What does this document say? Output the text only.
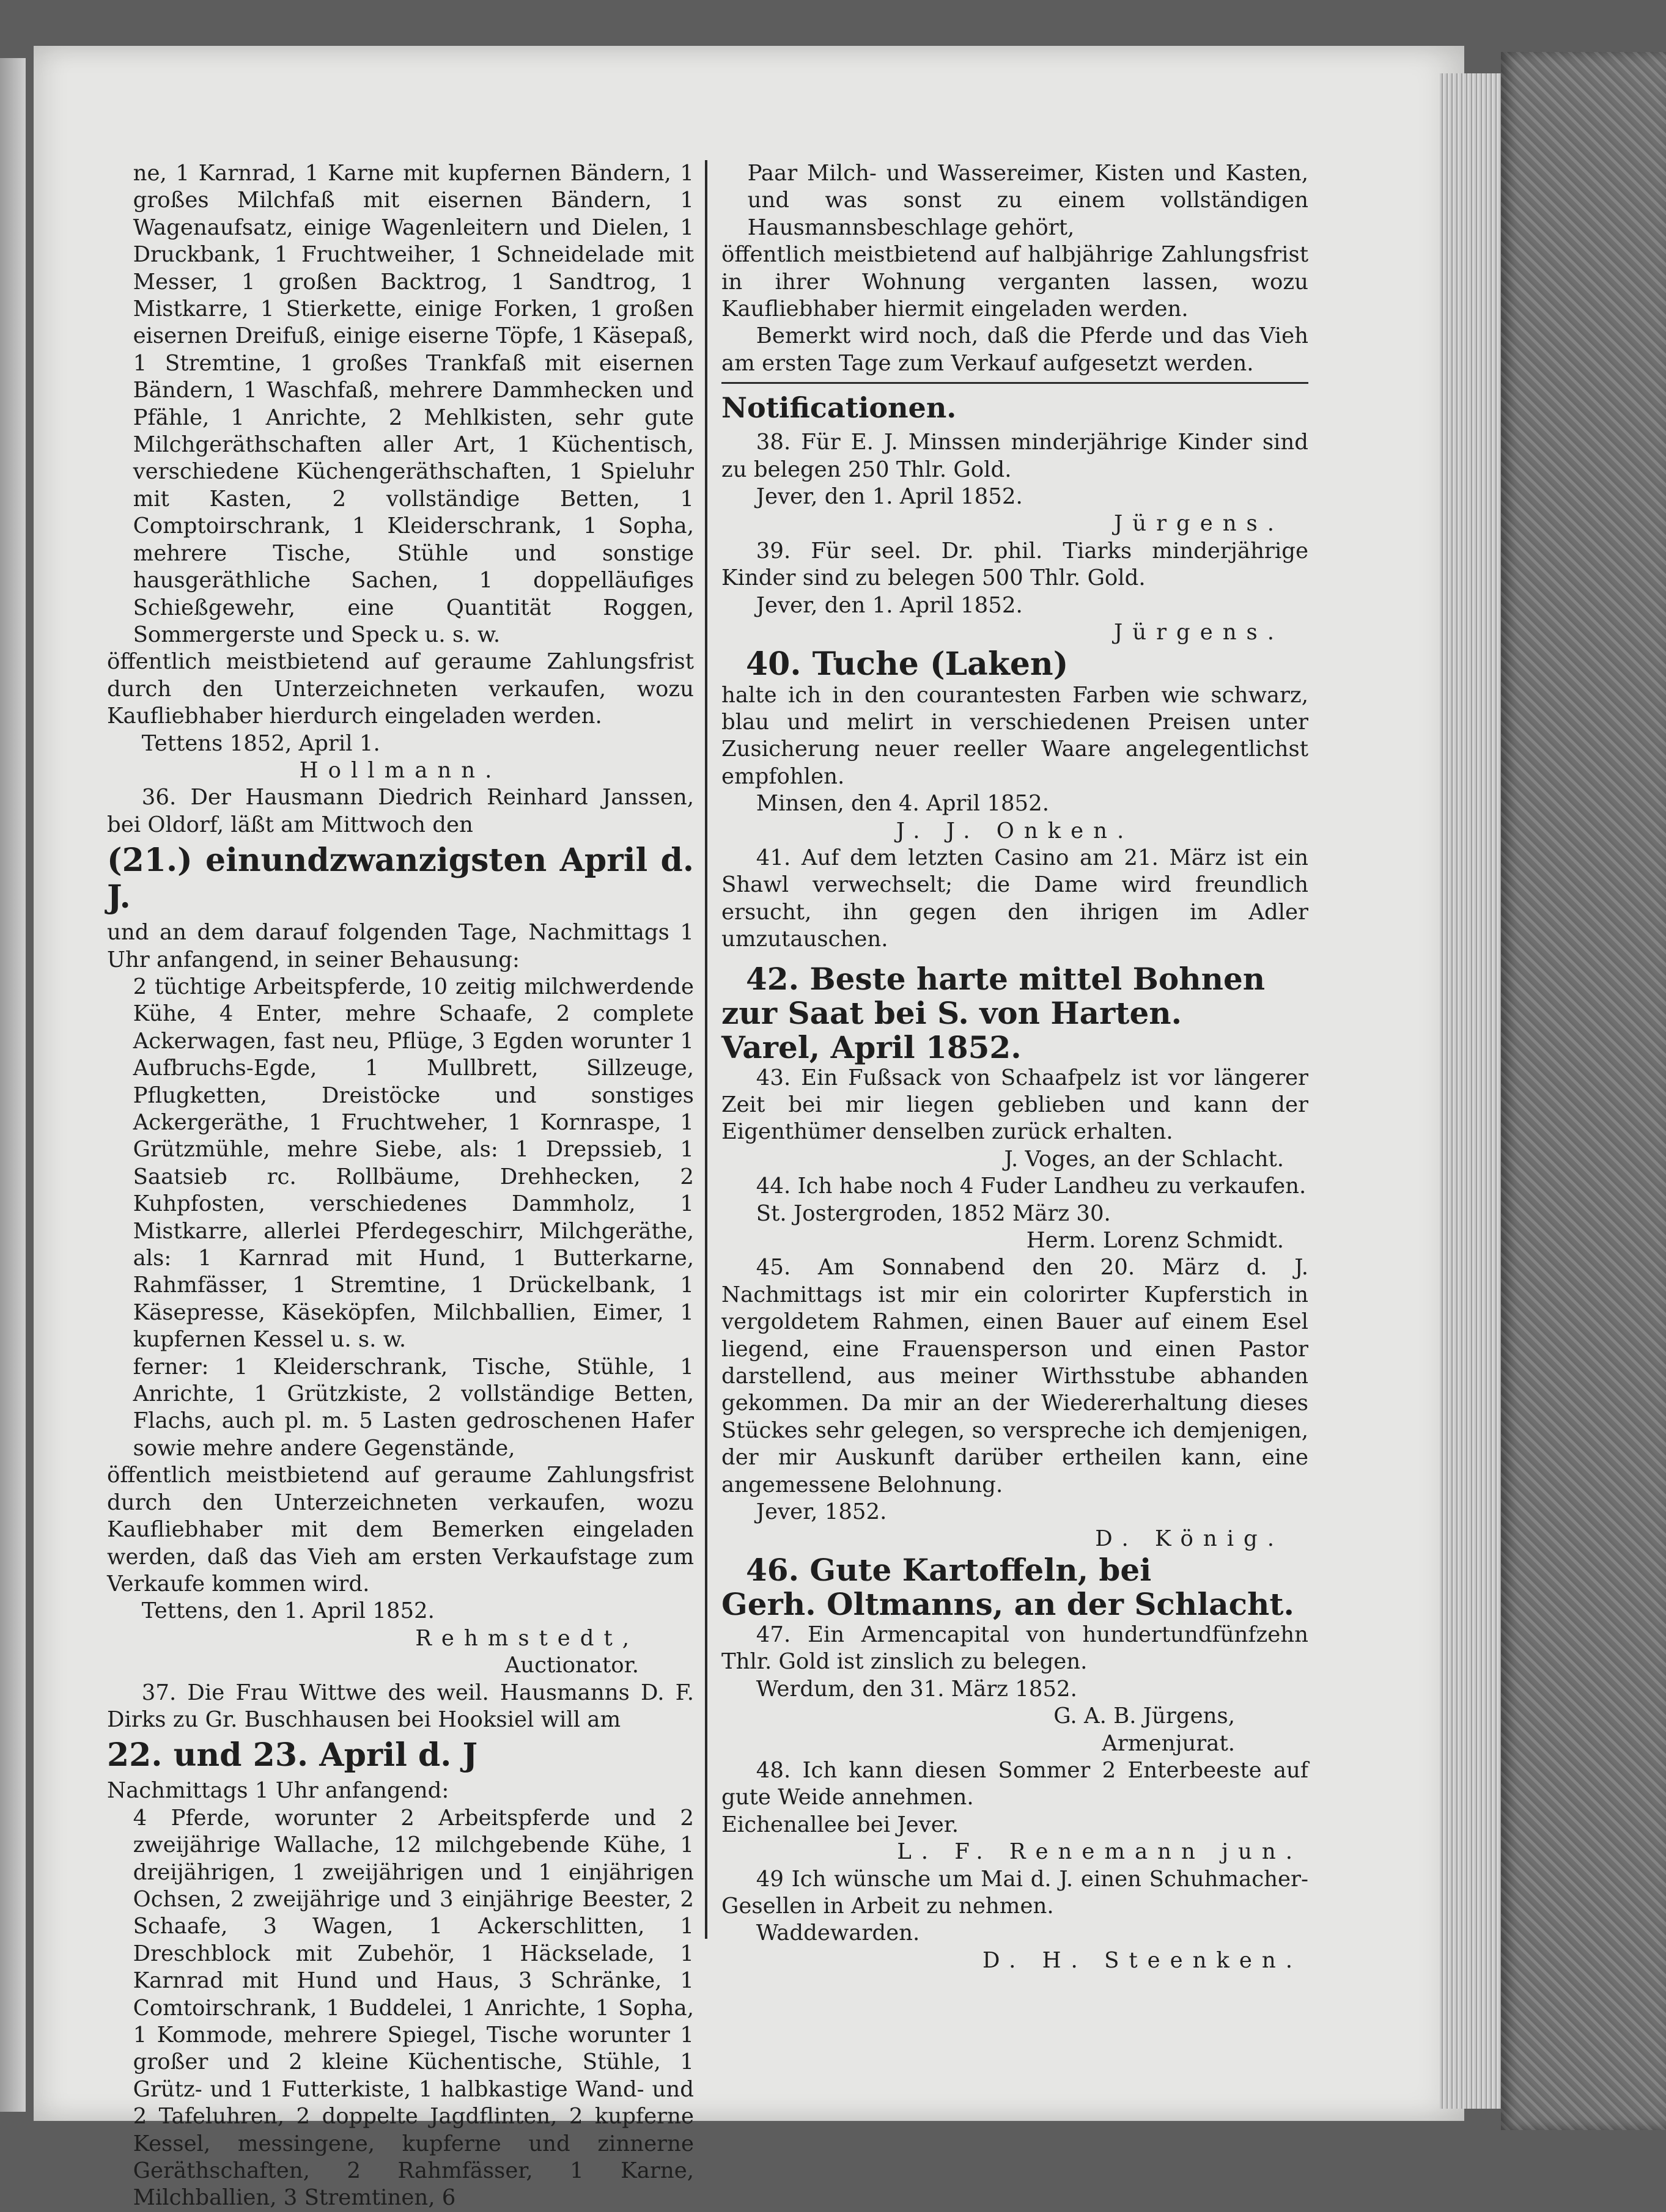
ne, 1 Karnrad, 1 Karne mit kupfernen Bändern, 1 großes Milchfaß mit eisernen Bändern, 1 Wagenaufsatz, einige Wagenleitern und Dielen, 1 Druckbank, 1 Fruchtweiher, 1 Schneidelade mit Messer, 1 großen Backtrog, 1 Sandtrog, 1 Mistkarre, 1 Stierkette, einige Forken, 1 großen eisernen Dreifuß, einige eiserne Töpfe, 1 Käsepaß, 1 Stremtine, 1 großes Trankfaß mit eisernen Bändern, 1 Waschfaß, mehrere Dammhecken und Pfähle, 1 Anrichte, 2 Mehlkisten, sehr gute Milchgeräthschaften aller Art, 1 Küchentisch, verschiedene Küchengeräthschaften, 1 Spieluhr mit Kasten, 2 vollständige Betten, 1 Comptoirschrank, 1 Kleiderschrank, 1 Sopha, mehrere Tische, Stühle und sonstige hausgeräthliche Sachen, 1 doppelläufiges Schießgewehr, eine Quantität Roggen, Sommergerste und Speck u. s. w.

öffentlich meistbietend auf geraume Zahlungsfrist durch den Unterzeichneten verkaufen, wozu Kaufliebhaber hierdurch eingeladen werden.

Tettens 1852, April 1.

Hollmann.

36. Der Hausmann Diedrich Reinhard Janssen, bei Oldorf, läßt am Mittwoch den

(21.) einundzwanzigsten April d. J.

und an dem darauf folgenden Tage, Nachmittags 1 Uhr anfangend, in seiner Behausung:

2 tüchtige Arbeitspferde, 10 zeitig milchwerdende Kühe, 4 Enter, mehre Schaafe, 2 complete Ackerwagen, fast neu, Pflüge, 3 Egden worunter 1 Aufbruchs-Egde, 1 Mullbrett, Sillzeuge, Pflugketten, Dreistöcke und sonstiges Ackergeräthe, 1 Fruchtweher, 1 Kornraspe, 1 Grützmühle, mehre Siebe, als: 1 Drepssieb, 1 Saatsieb rc. Rollbäume, Drehhecken, 2 Kuhpfosten, verschiedenes Dammholz, 1 Mistkarre, allerlei Pferdegeschirr, Milchgeräthe, als: 1 Karnrad mit Hund, 1 Butterkarne, Rahmfässer, 1 Stremtine, 1 Drückelbank, 1 Käsepresse, Käseköpfen, Milchballien, Eimer, 1 kupfernen Kessel u. s. w.

ferner: 1 Kleiderschrank, Tische, Stühle, 1 Anrichte, 1 Grützkiste, 2 vollständige Betten, Flachs, auch pl. m. 5 Lasten gedroschenen Hafer sowie mehre andere Gegenstände,

öffentlich meistbietend auf geraume Zahlungsfrist durch den Unterzeichneten verkaufen, wozu Kaufliebhaber mit dem Bemerken eingeladen werden, daß das Vieh am ersten Verkaufstage zum Verkaufe kommen wird.

Tettens, den 1. April 1852.

Rehmstedt,

Auctionator.

37. Die Frau Wittwe des weil. Hausmanns D. F. Dirks zu Gr. Buschhausen bei Hooksiel will am

22. und 23. April d. J

Nachmittags 1 Uhr anfangend:

4 Pferde, worunter 2 Arbeitspferde und 2 zweijährige Wallache, 12 milchgebende Kühe, 1 dreijährigen, 1 zweijährigen und 1 einjährigen Ochsen, 2 zweijährige und 3 einjährige Beester, 2 Schaafe, 3 Wagen, 1 Ackerschlitten, 1 Dreschblock mit Zubehör, 1 Häckselade, 1 Karnrad mit Hund und Haus, 3 Schränke, 1 Comtoirschrank, 1 Buddelei, 1 Anrichte, 1 Sopha, 1 Kommode, mehrere Spiegel, Tische worunter 1 großer und 2 kleine Küchentische, Stühle, 1 Grütz- und 1 Futterkiste, 1 halbkastige Wand- und 2 Tafeluhren, 2 doppelte Jagdflinten, 2 kupferne Kessel, messingene, kupferne und zinnerne Geräthschaften, 2 Rahmfässer, 1 Karne, Milchballien, 3 Stremtinen, 6

Paar Milch- und Wassereimer, Kisten und Kasten, und was sonst zu einem vollständigen Hausmannsbeschlage gehört,

öffentlich meistbietend auf halbjährige Zahlungsfrist in ihrer Wohnung verganten lassen, wozu Kaufliebhaber hiermit eingeladen werden.

Bemerkt wird noch, daß die Pferde und das Vieh am ersten Tage zum Verkauf aufgesetzt werden.

Notificationen.

38. Für E. J. Minssen minderjährige Kinder sind zu belegen 250 Thlr. Gold.

Jever, den 1. April 1852.

Jürgens.

39. Für seel. Dr. phil. Tiarks minderjährige Kinder sind zu belegen 500 Thlr. Gold.

Jever, den 1. April 1852.

Jürgens.

40. Tuche (Laken)

halte ich in den courantesten Farben wie schwarz, blau und melirt in verschiedenen Preisen unter Zusicherung neuer reeller Waare angelegentlichst empfohlen.

Minsen, den 4. April 1852.

J. J. Onken.

41. Auf dem letzten Casino am 21. März ist ein Shawl verwechselt; die Dame wird freundlich ersucht, ihn gegen den ihrigen im Adler umzutauschen.

42. Beste harte mittel Bohnen

zur Saat bei S. von Harten.

Varel, April 1852.

43. Ein Fußsack von Schaafpelz ist vor längerer Zeit bei mir liegen geblieben und kann der Eigenthümer denselben zurück erhalten.

J. Voges, an der Schlacht.

44. Ich habe noch 4 Fuder Landheu zu verkaufen.

St. Jostergroden, 1852 März 30.

Herm. Lorenz Schmidt.

45. Am Sonnabend den 20. März d. J. Nachmittags ist mir ein colorirter Kupferstich in vergoldetem Rahmen, einen Bauer auf einem Esel liegend, eine Frauensperson und einen Pastor darstellend, aus meiner Wirthsstube abhanden gekommen. Da mir an der Wiedererhaltung dieses Stückes sehr gelegen, so verspreche ich demjenigen, der mir Auskunft darüber ertheilen kann, eine angemessene Belohnung.

Jever, 1852.

D. König.

46. Gute Kartoffeln, bei

Gerh. Oltmanns, an der Schlacht.

47. Ein Armencapital von hundertundfünfzehn Thlr. Gold ist zinslich zu belegen.

Werdum, den 31. März 1852.

G. A. B. Jürgens,

Armenjurat.

48. Ich kann diesen Sommer 2 Enterbeeste auf gute Weide annehmen.

Eichenallee bei Jever.

L. F. Renemann jun.

49 Ich wünsche um Mai d. J. einen Schuhmacher-Gesellen in Arbeit zu nehmen.

Waddewarden.

D. H. Steenken.
